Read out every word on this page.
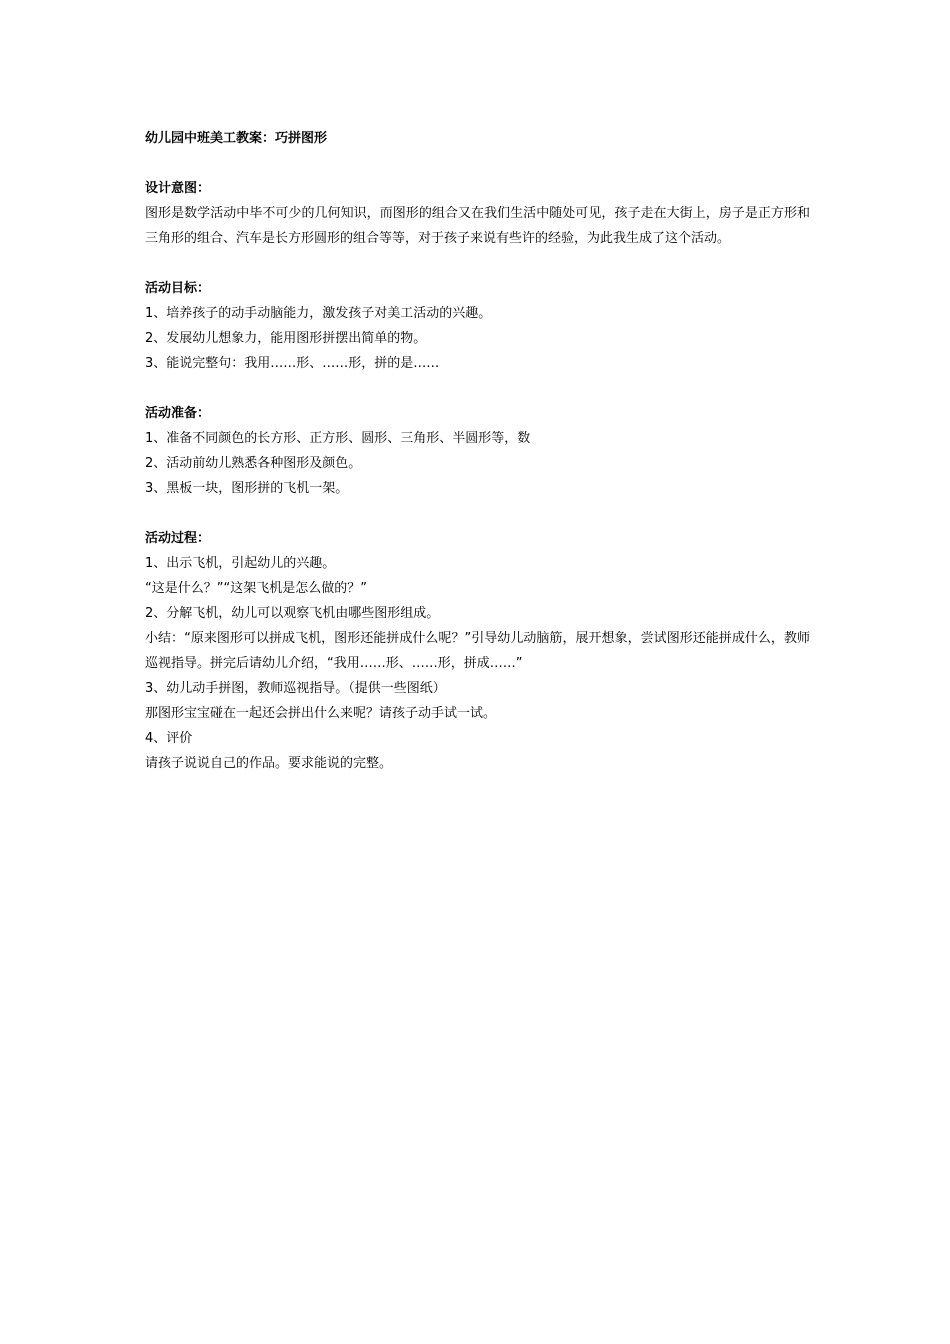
幼儿园中班美工教案：巧拼图形

设计意图：

图形是数学活动中毕不可少的几何知识，而图形的组合又在我们生活中随处可见，孩子走在大街上，房子是正方形和三角形的组合、汽车是长方形圆形的组合等等，对于孩子来说有些许的经验，为此我生成了这个活动。

活动目标：

1、培养孩子的动手动脑能力，激发孩子对美工活动的兴趣。

2、发展幼儿想象力，能用图形拼摆出简单的物。

3、能说完整句：我用……形、……形，拼的是……

活动准备：

1、准备不同颜色的长方形、正方形、圆形、三角形、半圆形等，数

2、活动前幼儿熟悉各种图形及颜色。

3、黑板一块，图形拼的飞机一架。

活动过程：

1、出示飞机，引起幼儿的兴趣。

“这是什么？”“这架飞机是怎么做的？”

2、分解飞机，幼儿可以观察飞机由哪些图形组成。

小结：“原来图形可以拼成飞机，图形还能拼成什么呢？”引导幼儿动脑筋，展开想象，尝试图形还能拼成什么，教师巡视指导。拼完后请幼儿介绍，“我用……形、……形，拼成……”

3、幼儿动手拼图，教师巡视指导。（提供一些图纸）

那图形宝宝碰在一起还会拼出什么来呢？请孩子动手试一试。

4、评价

请孩子说说自己的作品。要求能说的完整。
